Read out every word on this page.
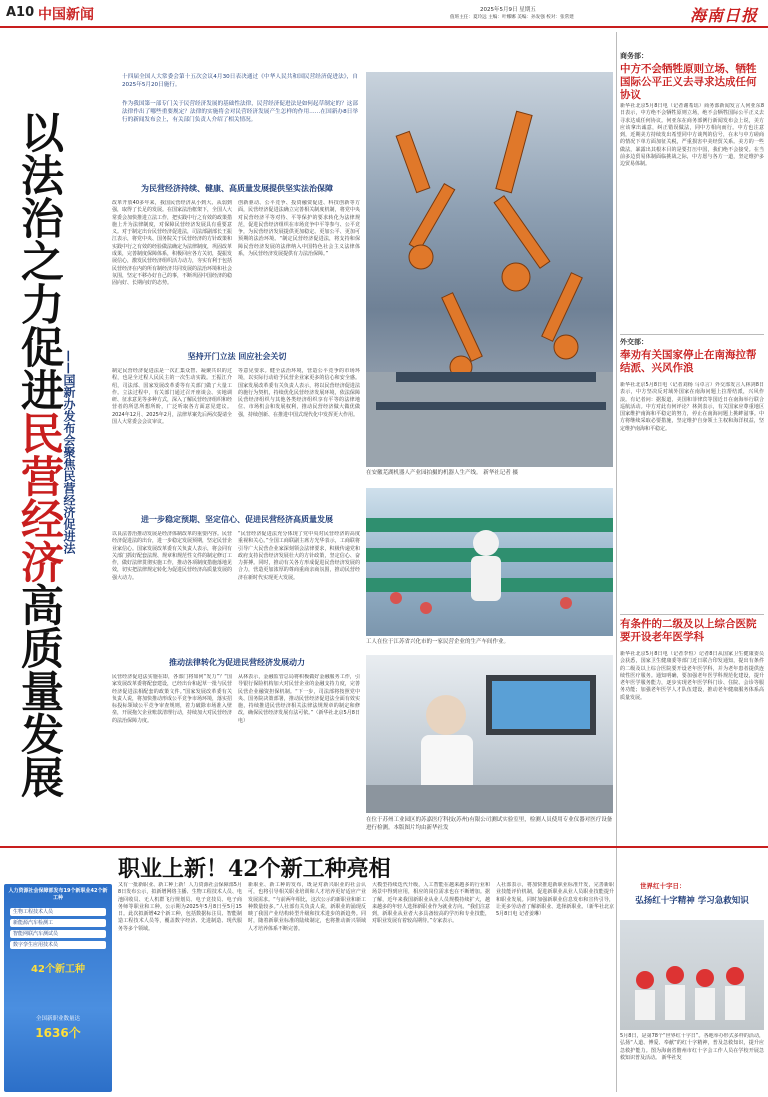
A10 中国新闻	2025年5月9日 星期五
值班主任：夏玲远 主编：叶娜娜 美编：孙发强 校对：张常建	海南日报
以法治之力促进民营经济高质量发展
——国新办发布会聚焦民营经济促进法
十四届全国人大常委会第十五次会议4月30日表决通过《中华人民共和国民营经济促进法》，自2025年5月20日施行。
作为我国第一部专门关于民营经济发展的基础性法律，民营经济促进法是如何起草制定的？这部法律作出了哪些重要规定？法律的实施将会对民营经济发展产生怎样的作用……在国新办8日举行的新闻发布会上，有关部门负责人介绍了相关情况。
为民营经济持续、健康、高质量发展提供坚实法治保障
改革开放40多年来，我国民营经济从小到大、从弱到强，取得了长足的发展。在国家法治框架下，全国人大常委会加快推进立法工作，把实践中行之有效的政策措施上升为法律制度，对保障民营经济发展具有重要意义。对于制定出台民营经济促进法，司法部副部长王振江表示，将党中央、国务院关于民营经济的方针政策和实践中行之有效的经验做法确定为法律制度，巩固改革成果，完善制度保障体系，积极回应各方关切，提振发展信心，激发民营经济组织活力动力，夯实有利于包括民营经济在内的所有制经济共同发展的法治环境和社会氛围，坚定不移办好自己的事，不断巩固中国经济的稳固向好、长期向好的态势。
创新驱动、公平竞争、投资融资促进、科技创新等方面，民营经济促进法确立完善相关制度机制，将党中央对民营经济平等对待、平等保护的要求转化为法律规范，促进民营经济组织在市场竞争中平等参与、公平竞争，为民营经济发展提供更加稳定、更加公平、更加可预期的法治环境。“制定民营经济促进法，将支持和保障民营经济发展的法律纳入中国特色社会主义法律体系，为民营经济发展提供有力法治保障。”
坚持开门立法 回应社会关切
制定民营经济促进法是一次汇集众智、凝聚共识的过程，也是全过程人民民主的一次生动实践。王振江介绍，司法部、国家发展改革委等有关部门做了大量工作。立法过程中，有关部门通过召开座谈会、实地调研、征求意见等多种方式，深入了解民营经济组织和经营者的所思所想所盼，广泛听取各方面意见建议。2024年12月、2025年2月，法律草案先后两次提请全国人大常委会会议审议。
等意见要求。健全法治环境，营造公平竞争的市场环境，以实际行动给予民营企业家更多的信心和安全感。国家发展改革委有关负责人表示，将以民营经济促进法的施行为契机，持续优化民营经济发展环境，依法保障民营经济组织与其他各类经济组织享有平等的法律地位、市场机会和发展权利，推动民营经济做大做优做强，持续创新、在推进中国式现代化中发挥更大作用。
进一步稳定预期、坚定信心、促进民营经济高质量发展
以良法善治推动发展是经济体制改革的重要内容。民营经济促进法的出台，进一步稳定发展预期，坚定民营企业家信心。国家发展改革委有关负责人表示，将会同有关部门抓好配套法规、规章和规范性文件的制定修订工作，做好法律贯彻实施工作，推动各项制度措施落地见效，切实把法律规定转化为促进民营经济高质量发展的强大动力。
“民营经济促进法充分体现了党中央对民营经济的高度重视和关心。”全国工商联副主席方光华表示，工商联将引导广大民营企业家深刻领会法律要求，积极传递党和政府支持民营经济发展壮大的方针政策，坚定信心、奋力拼搏。同时，推动有关各方形成促进民营经济发展的合力，营造更加浓厚的尊商重商亲商氛围，推动民营经济在新时代实现更大发展。
推动法律转化为促进民营经济发展动力
民营经济促进法实施在即，各部门将如何“发力”？“国家发展改革委将配套建设，已经出台和起草一批与民营经济促进法相配套的政策文件。”国家发展改革委有关负责人说，将加快推动形成公平竞争市场环境，落实招标投标领域公平竞争审查规则，着力破除市场准入壁垒，开展拖欠企业账款清理行动，持续加大对民营经济的法治保障力度。
从林表示，金融监管总局将积极做好金融服务工作，引导银行保险机构加大对民营企业的金融支持力度，完善民营企业融资担保机制。“下一步，司法部将按照党中央、国务院决策部署，推动民营经济促进法全面有效实施，持续推进民营经济相关法律法规规章的制定和修改，确保民营经济发展有法可依。”（新华社北京5月8日电）
在安徽芜湖机器人产业园拍摄的机器人生产线。 新华社记者 摄
工人在位于江苏省兴化市的一家民营企业的生产车间作业。
在位于苏州工业园区的苏嘉医疗科技(苏州)有限公司测试实验室里，检测人员使用专业仪器对医疗设备进行检测。本版图片均由新华社发
商务部：
中方不会牺牲原则立场、牺牲国际公平正义去寻求达成任何协议
新华社北京5月8日电（记者谢希瑶）商务部新闻发言人何亚东8日表示，中方绝不会牺牲原则立场，绝不会牺牲国际公平正义去寻求达成任何协议。何亚东在商务部例行新闻发布会上说，美方应该拿出诚意，纠正错误做法，同中方相向而行。中方也注意到，近期美方持续发出希望同中方谈判的信号，在未与中方磋商的情况下单方面加征关税，严重损害中美经贸关系。美方的一些做法，暴露出其根本目的是要打压中国，我们绝不会接受。在当前多边贸易体制面临挑战之际，中方愿与各方一道，坚定维护多边贸易体制。
外交部：
奉劝有关国家停止在南海拉帮结派、兴风作浪
新华社北京5月8日电（记者刘杨 马卓言）外交部发言人林剑8日表示，中方坚决反对域外国家在南海问题上拉帮结派，兴风作浪。有记者问：据报道，美国和菲律宾等国近日在南海举行联合巡航活动。中方对此有何评论？林剑表示，有关国家应尊重地区国家维护南海和平稳定的努力，停止在南海问题上挑衅滋事。中方将继续采取必要措施，坚定维护自身领土主权和海洋权益，坚定维护南海和平稳定。
有条件的二级及以上综合医院要开设老年医学科
新华社北京5月8日电（记者李恒）记者8日从国家卫生健康委员会获悉，国家卫生健康委等部门近日联合印发通知，提出有条件的二级及以上综合医院要开设老年医学科，并为老年患者提供连续性医疗服务。通知明确，要加强老年医学科规范化建设，提升老年医学服务能力，逐步实现老年医学科门诊、住院、会诊等服务功能；加强老年医学人才队伍建设，推动老年健康服务体系高质量发展。
职业上新！42个新工种亮相
人力资源社会保障部发布19个新职业42个新工种
生物工程技术人员
新能源汽车检测工
智能网联汽车测试员
数字孪生应用技术员
42个新工种
全国新职业数量达
1636个
又有一批新职业、新工种上新！人力资源社会保障部5月8日发布公示，拟新增网络主播、生物工程技术人员、电池回收员、无人机群飞行规划员、电子竞技员、电子商务师等职业和工种。公示期为2025年5月8日至5月15日。此次拟新增42个新工种，包括数据标注员、智能制造工程技术人员等，覆盖数字经济、先进制造、现代服务等多个领域。
新职业、新工种的发布，既是对新兴职业的社会认可，也将引导相关职业培训和人才培养更好适应产业发展需求。“与前两年相比，这次公示的新职业和新工种数量较多。”人社部有关负责人说，新职业的涌现反映了我国产业结构转型升级和技术进步的新趋势。同时，随着新职业标准的陆续制定，也将推动新兴领域人才培养体系不断完善。
大模型持续迭代升级，人工智能在越来越多的行业和场景中得到应用，相应的岗位需求也在不断增加。据了解，近年来我国新职业从业人员规模持续扩大，越来越多的年轻人选择新职业作为就业方向。“我们注意到，新职业从业者大多具备较高的学历和专业技能，对职业发展有着较高期待。”专家表示。
人社部表示，将加快推进新职业标准开发，完善新职业技能评价机制，促进新职业从业人员职业技能提升和职业发展。同时加强新职业信息发布和宣传引导，让更多劳动者了解新职业、选择新职业。（新华社北京5月8日电 记者姜琳）
世界红十字日：
弘扬红十字精神 学习急救知识
5月8日，是第78个“世界红十字日”。各地举办形式多样的活动，弘扬“人道、博爱、奉献”的红十字精神，普及急救知识，提升应急救护能力。图为海南省儋州市红十字会工作人员在学校开展急救知识普及活动。 新华社发
